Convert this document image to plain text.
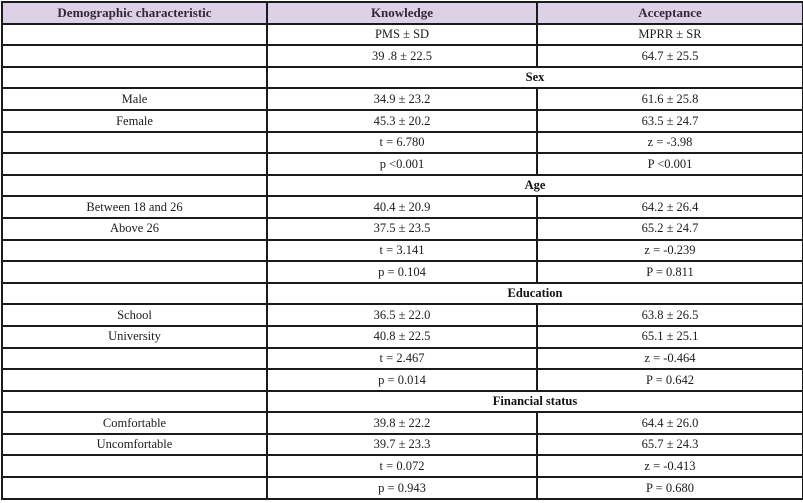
Demographic characteristic	Knowledge	Acceptance
	PMS ± SD	MPRR ± SR
	39 .8 ± 22.5	64.7 ± 25.5
	Sex	
Male	34.9 ± 23.2	61.6 ± 25.8
Female	45.3 ± 20.2	63.5 ± 24.7
	t = 6.780	z = -3.98
	p <0.001	P <0.001
	Age	
Between 18 and 26	40.4 ± 20.9	64.2 ± 26.4
Above 26	37.5 ± 23.5	65.2 ± 24.7
	t = 3.141	z = -0.239
	p = 0.104	P = 0.811
	Education	
School	36.5 ± 22.0	63.8 ± 26.5
University	40.8 ± 22.5	65.1 ± 25.1
	t = 2.467	z = -0.464
	p = 0.014	P = 0.642
	Financial status	
Comfortable	39.8 ± 22.2	64.4 ± 26.0
Uncomfortable	39.7 ± 23.3	65.7 ± 24.3
	t = 0.072	z = -0.413
	p = 0.943	P = 0.680
